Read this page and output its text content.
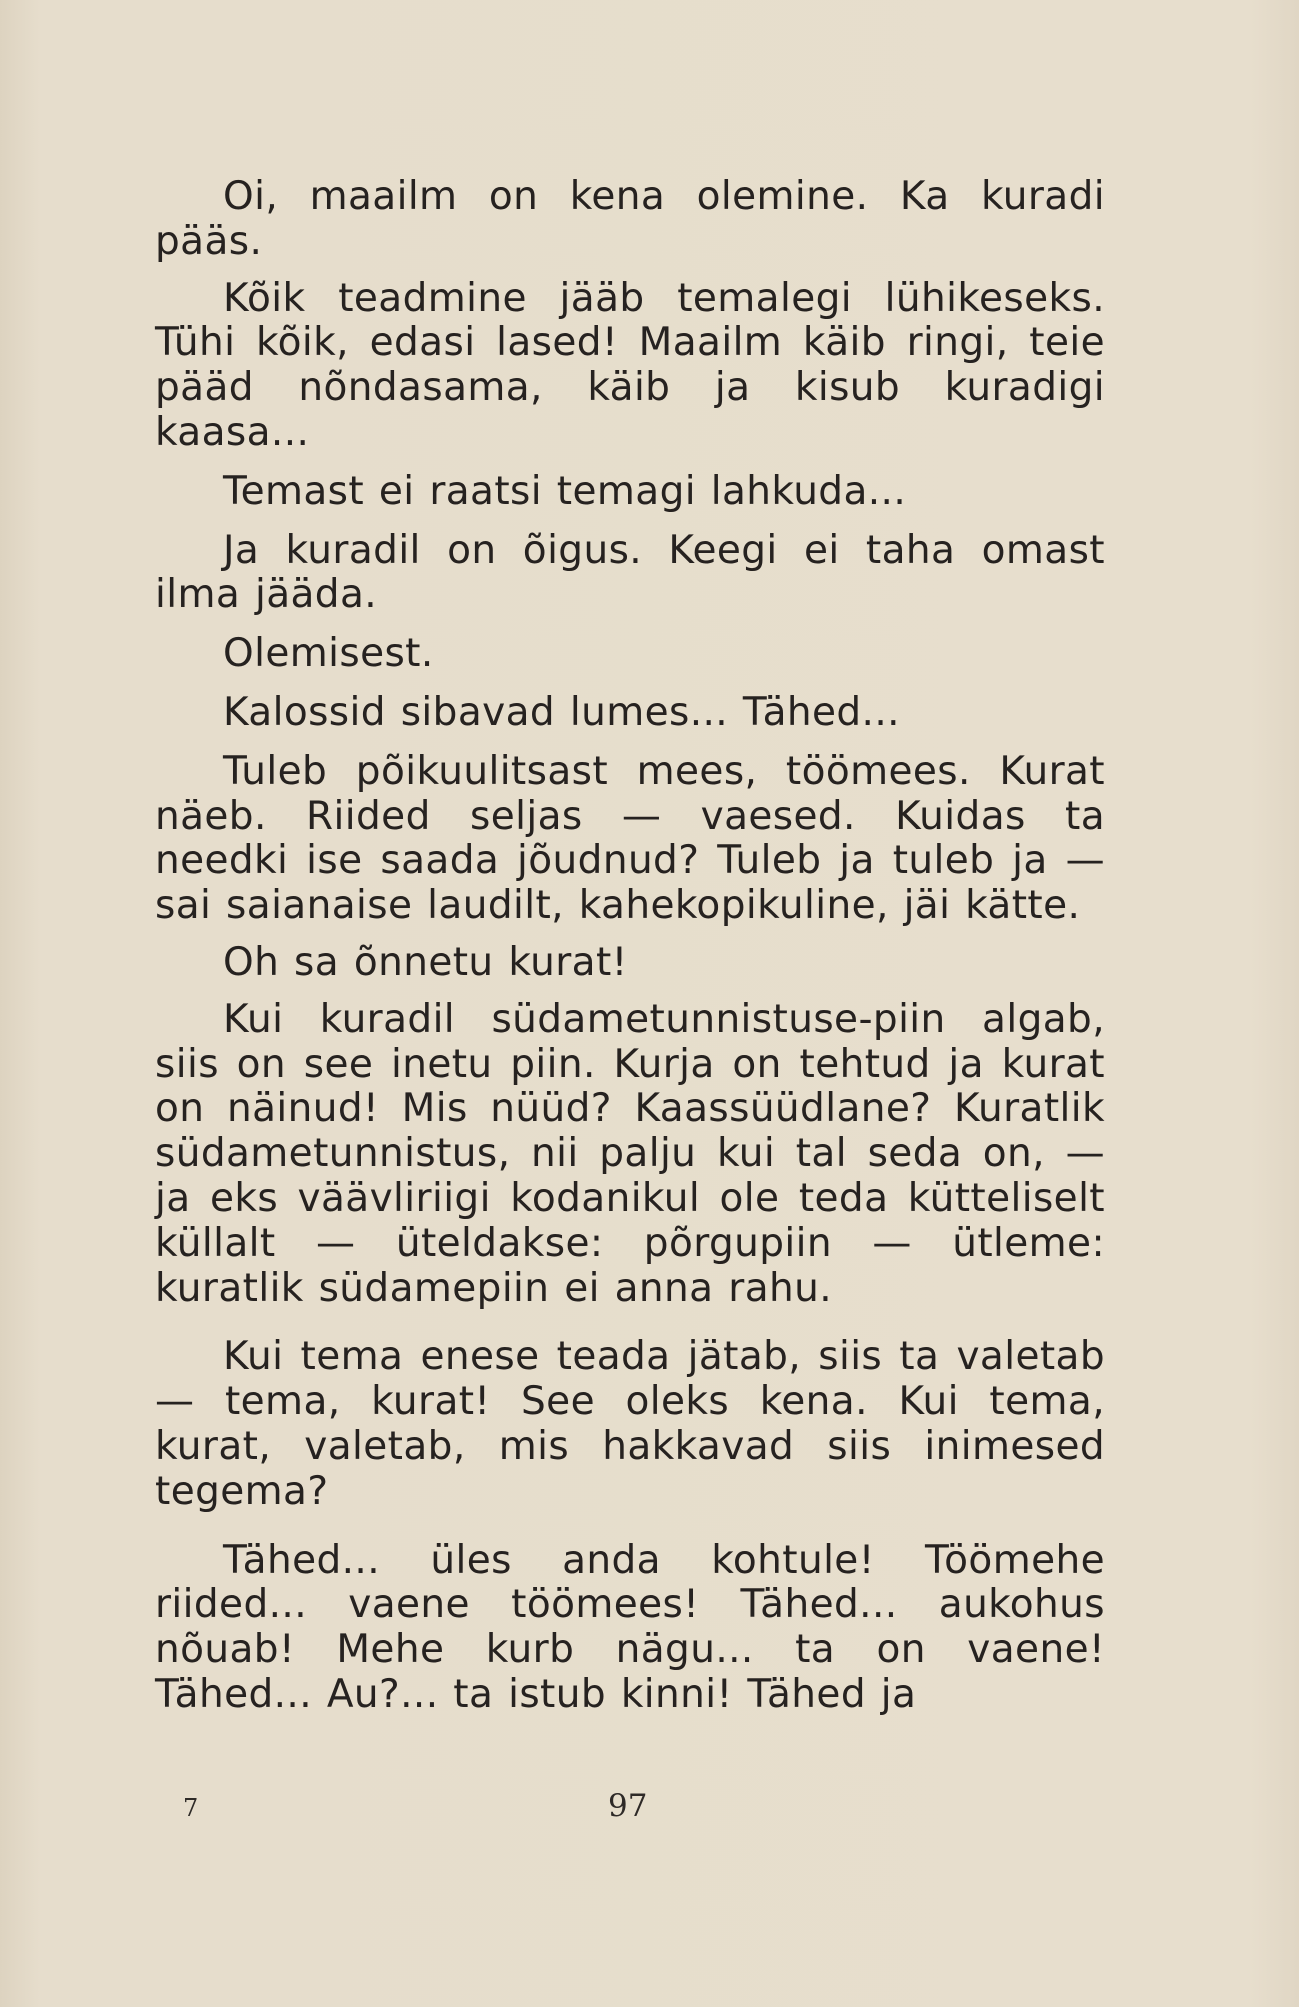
Oi, maailm on kena olemine. Ka kuradi pääs.

Kõik teadmine jääb temalegi lühikeseks. Tühi kõik, edasi lased! Maailm käib ringi, teie pääd nõndasama, käib ja kisub kuradigi kaasa...

Temast ei raatsi temagi lahkuda...

Ja kuradil on õigus. Keegi ei taha omast ilma jääda.

Olemisest.

Kalossid sibavad lumes... Tähed...

Tuleb põikuulitsast mees, töömees. Kurat näeb. Riided seljas — vaesed. Kuidas ta needki ise saada jõudnud? Tuleb ja tuleb ja — sai saianaise laudilt, kahekopikuline, jäi kätte.

Oh sa õnnetu kurat!

Kui kuradil südametunnistuse-piin algab, siis on see inetu piin. Kurja on tehtud ja kurat on näinud! Mis nüüd? Kaassüüdlane? Kuratlik südametunnistus, nii palju kui tal seda on, — ja eks väävliriigi kodanikul ole teda kütteliselt küllalt — üteldakse: põrgupiin — ütleme: kuratlik südamepiin ei anna rahu.

Kui tema enese teada jätab, siis ta valetab — tema, kurat! See oleks kena. Kui tema, kurat, valetab, mis hakkavad siis inimesed tegema?

Tähed... üles anda kohtule! Töömehe riided... vaene töömees! Tähed... aukohus nõuab! Mehe kurb nägu... ta on vaene! Tähed... Au?... ta istub kinni! Tähed ja

7	97
